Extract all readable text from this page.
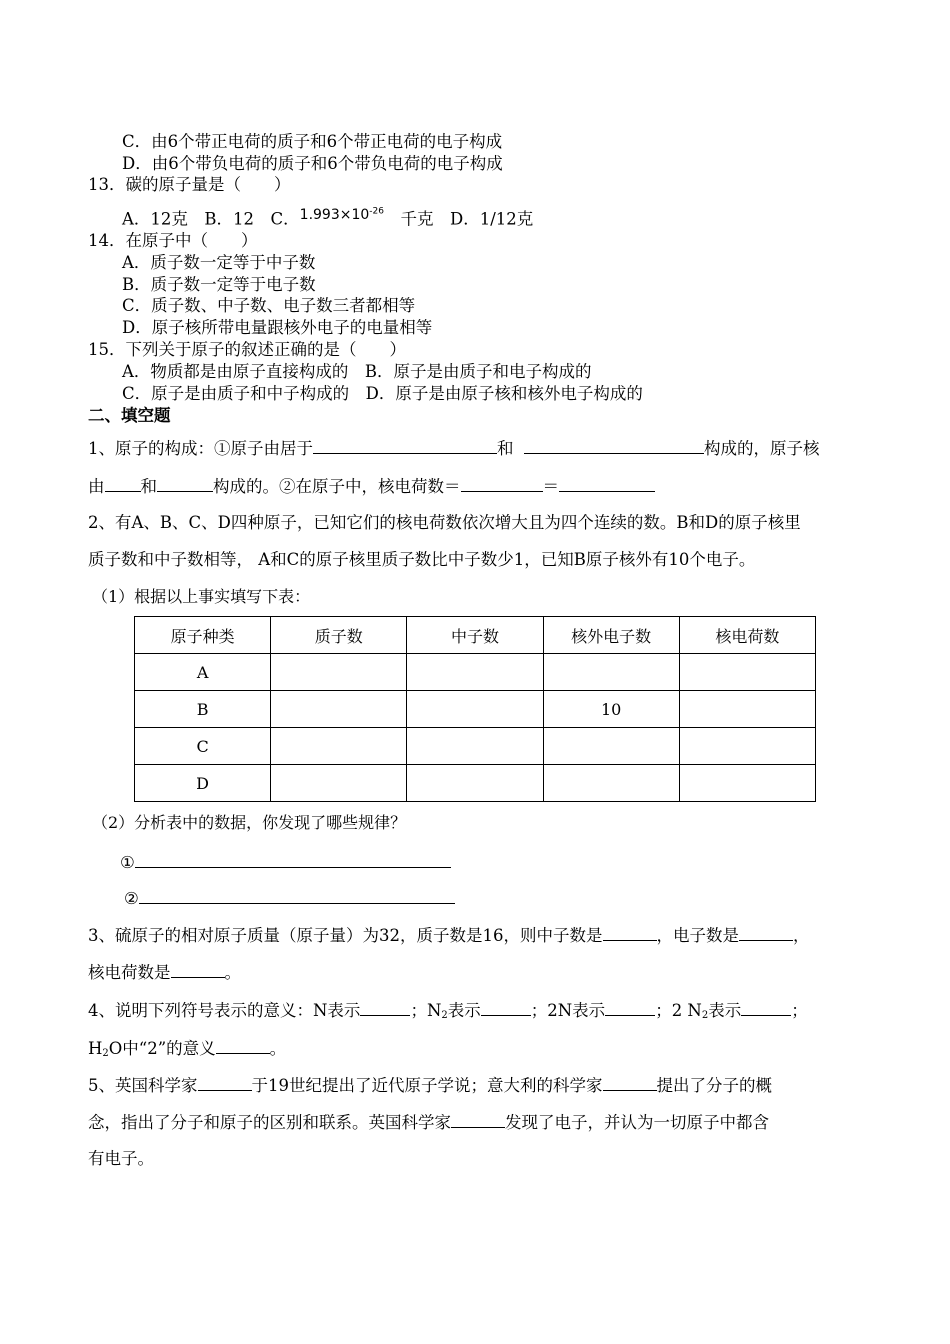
C．由6个带正电荷的质子和6个带正电荷的电子构成
D．由6个带负电荷的质子和6个带负电荷的电子构成
13．碳的原子量是（　　）
A．12克　B．12　C．$^{1.993\times 10^{-26}}$　千克　D．1/12克
14．在原子中（　　）
A．质子数一定等于中子数
B．质子数一定等于电子数
C．质子数、中子数、电子数三者都相等
D．原子核所带电量跟核外电子的电量相等
15．下列关于原子的叙述正确的是（　　）
A．物质都是由原子直接构成的　B．原子是由质子和电子构成的
C．原子是由质子和中子构成的　D．原子是由原子核和核外电子构成的
二、填空题
1、原子的构成：①原子由居于	和	构成的，原子核
由 和	构成的。②在原子中，核电荷数＝	＝
2、有A、B、C、D四种原子，已知它们的核电荷数依次增大且为四个连续的数。B和D的原子核里
质子数和中子数相等， A和C的原子核里质子数比中子数少1，已知B原子核外有10个电子。
（1）根据以上事实填写下表：
原子种类	质子数	中子数	核外电子数	核电荷数
A				
B			10	
C				
D				
（2）分析表中的数据，你发现了哪些规律？
①
②
3、硫原子的相对原子质量（原子量）为32，质子数是16，则中子数是	，电子数是	，
核电荷数是	。
4、说明下列符号表示的意义：N表示	；$N_2$表示	；2N表示	；2 $N_2$表示	；
$H_2O$中“2”的意义	。
5、英国科学家	于19世纪提出了近代原子学说；意大利的科学家	提出了分子的概
念，指出了分子和原子的区别和联系。英国科学家	发现了电子，并认为一切原子中都含
有电子。
